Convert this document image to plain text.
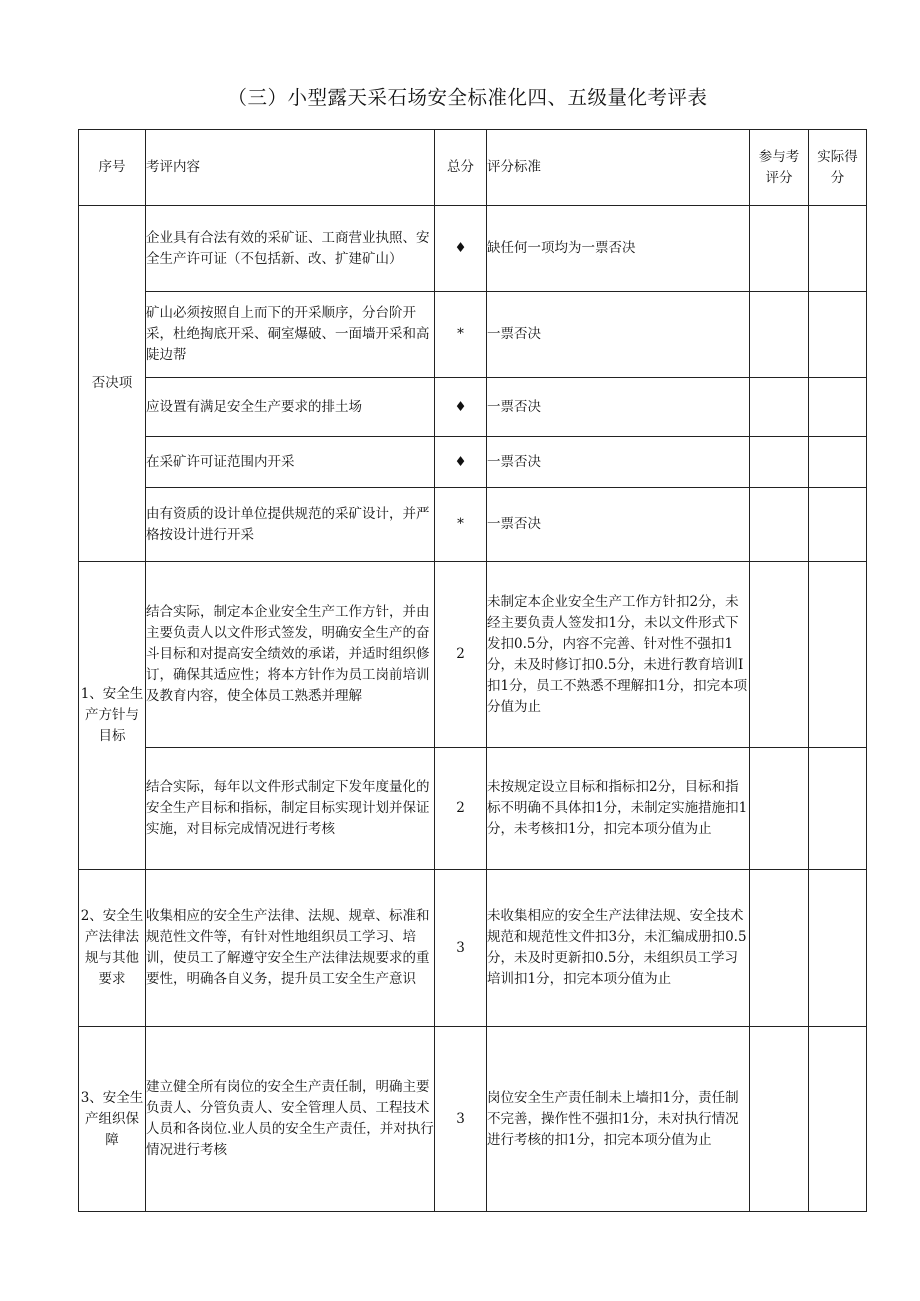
（三）小型露天采石场安全标准化四、五级量化考评表
序号	考评内容	总分	评分标准	参与考评分	实际得分
否决项	企业具有合法有效的采矿证、工商营业执照、安全生产许可证（不包括新、改、扩建矿山）	♦	缺任何一项均为一票否决		
	矿山必须按照自上而下的开采顺序，分台阶开采，杜绝掏底开采、硐室爆破、一面墙开采和高陡边帮	*	一票否决		
	应设置有满足安全生产要求的排土场	♦	一票否决		
	在采矿许可证范围内开采	♦	一票否决		
	由有资质的设计单位提供规范的采矿设计，并严格按设计进行开采	*	一票否决		
1、安全生产方针与目标	结合实际，制定本企业安全生产工作方针，并由主要负责人以文件形式签发，明确安全生产的奋斗目标和对提高安全绩效的承诺，并适时组织修订，确保其适应性；将本方针作为员工岗前培训及教育内容，使全体员工熟悉并理解	2	未制定本企业安全生产工作方针扣2分，未经主要负责人签发扣1分，未以文件形式下发扣0.5分，内容不完善、针对性不强扣1分，未及时修订扣0.5分，未进行教育培训I扣1分，员工不熟悉不理解扣1分，扣完本项分值为止		
	结合实际，每年以文件形式制定下发年度量化的安全生产目标和指标，制定目标实现计划并保证实施，对目标完成情况进行考核	2	未按规定设立目标和指标扣2分，目标和指标不明确不具体扣1分，未制定实施措施扣1分，未考核扣1分，扣完本项分值为止		
2、安全生产法律法规与其他要求	收集相应的安全生产法律、法规、规章、标准和规范性文件等，有针对性地组织员工学习、培训，使员工了解遵守安全生产法律法规要求的重要性，明确各自义务，提升员工安全生产意识	3	未收集相应的安全生产法律法规、安全技术规范和规范性文件扣3分，未汇编成册扣0.5分，未及时更新扣0.5分，未组织员工学习培训扣1分，扣完本项分值为止		
3、安全生产组织保障	建立健全所有岗位的安全生产责任制，明确主要负责人、分管负责人、安全管理人员、工程技术人员和各岗位.业人员的安全生产责任，并对执行情况进行考核	3	岗位安全生产责任制未上墙扣1分，责任制不完善，操作性不强扣1分，未对执行情况进行考核的扣1分，扣完本项分值为止		
